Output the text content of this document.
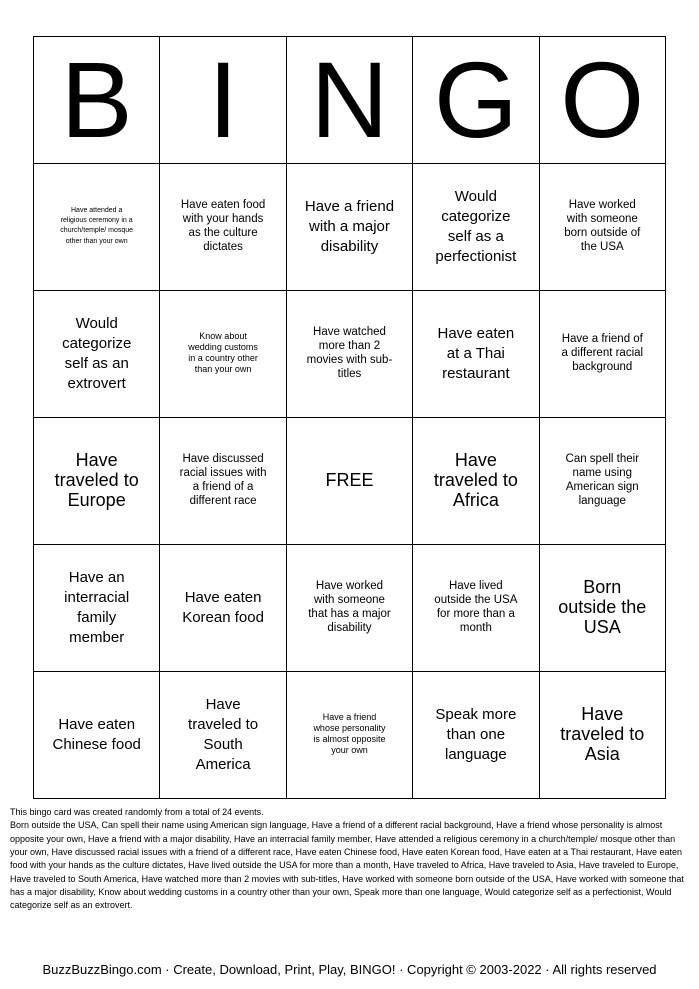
B	I	N	G	O
Have attended a religious ceremony in a church/temple/ mosque other than your own	Have eaten food with your hands as the culture dictates	Have a friend with a major disability	Would categorize self as a perfectionist	Have worked with someone born outside of the USA
Would categorize self as an extrovert	Know about wedding customs in a country other than your own	Have watched more than 2 movies with sub-titles	Have eaten at a Thai restaurant	Have a friend of a different racial background
Have traveled to Europe	Have discussed racial issues with a friend of a different race	FREE	Have traveled to Africa	Can spell their name using American sign language
Have an interracial family member	Have eaten Korean food	Have worked with someone that has a major disability	Have lived outside the USA for more than a month	Born outside the USA
Have eaten Chinese food	Have traveled to South America	Have a friend whose personality is almost opposite your own	Speak more than one language	Have traveled to Asia

This bingo card was created randomly from a total of 24 events.

Born outside the USA, Can spell their name using American sign language, Have a friend of a different racial background, Have a friend whose personality is almost opposite your own, Have a friend with a major disability, Have an interracial family member, Have attended a religious ceremony in a church/temple/ mosque other than your own, Have discussed racial issues with a friend of a different race, Have eaten Chinese food, Have eaten Korean food, Have eaten at a Thai restaurant, Have eaten food with your hands as the culture dictates, Have lived outside the USA for more than a month, Have traveled to Africa, Have traveled to Asia, Have traveled to Europe, Have traveled to South America, Have watched more than 2 movies with sub-titles, Have worked with someone born outside of the USA, Have worked with someone that has a major disability, Know about wedding customs in a country other than your own, Speak more than one language, Would categorize self as a perfectionist, Would categorize self as an extrovert.

BuzzBuzzBingo.com · Create, Download, Print, Play, BINGO! · Copyright © 2003-2022 · All rights reserved
